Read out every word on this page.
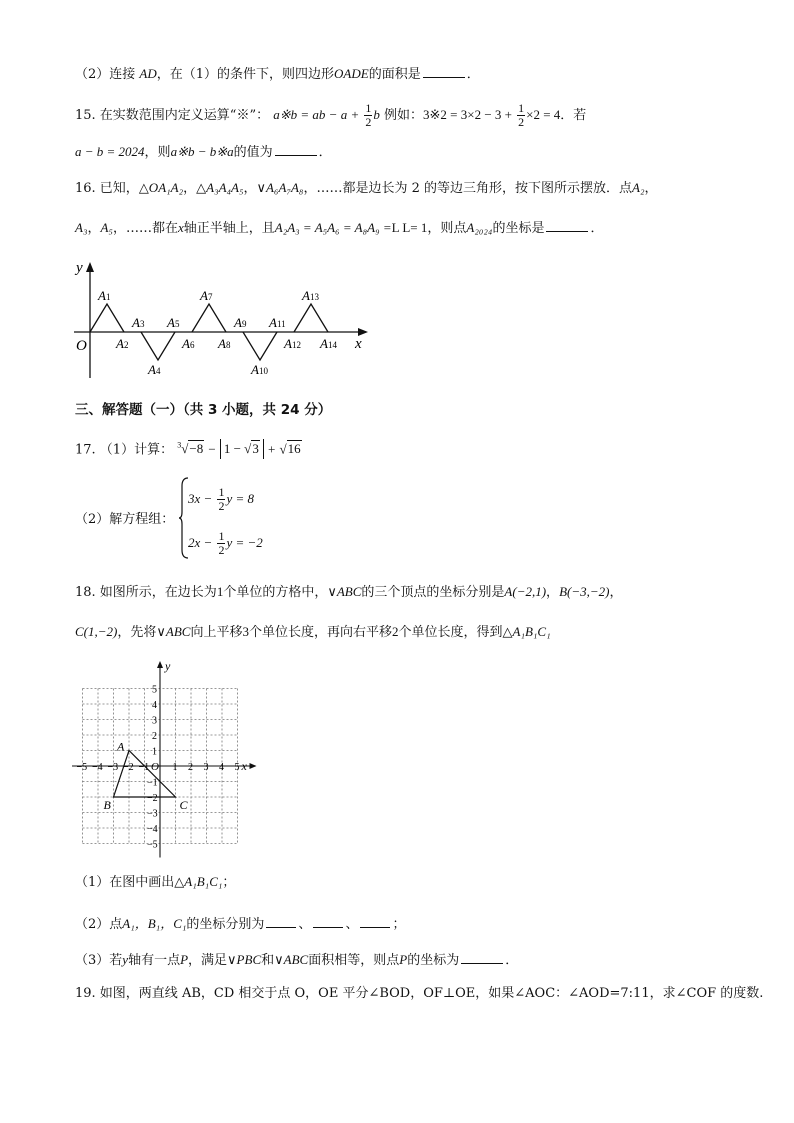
（2）连接 AD，在（1）的条件下，则四边形OADE的面积是	．
15. 在实数范围内定义运算“※”： a※b = ab − $a + \frac{1}{2}$ b 例如：3※2 = $3\times 2 - 3 + \frac{1}{2} \times 2 = 4$．若
a − b = 2024，则a※b − b※a的值为	．
16. 已知，△OA₁A₂，△A₃A₄A₅，∨A₆A₇A₈，……都是边长为 2 的等边三角形，按下图所示摆放．点A₂，
A₃，A₅，……都在x轴正半轴上，且A₂A₃ = A₅A₆ = A₈A₉ =L L= 1，则点A₂₀₂₄的坐标是	．
y
x
O
A1
A2
A3
A4
A5
A6
A7
A8
A9
A10
A11
A12
A13
A14
三、解答题（一）（共 3 小题，共 24 分）
17. （1）计算： $^3$√−8 − 1 − √3 + √16
（2）解方程组：
$3x - \frac{1}{2}$ y = 8
$2x - \frac{1}{2}$ y = −2
18. 如图所示，在边长为1个单位的方格中，∨ABC的三个顶点的坐标分别是A(−2,1)，B(−3,−2)，
C(1,−2)，先将∨ABC向上平移3个单位长度，再向右平移2个单位长度，得到△A₁B₁C₁
y
x
O
−5 −4 −3 −2 −1 1 2 3 4 5
5
4
3
2
1
−1
−2
−3
−4
−5
A
B	C
（1）在图中画出△A₁B₁C₁；
（2）点A₁，B₁，C₁的坐标分别为	、	、	；
（3）若y轴有一点P，满足∨PBC和∨ABC面积相等，则点P的坐标为	．
19. 如图，两直线 AB，CD 相交于点 O，OE 平分∠BOD，OF⊥OE，如果∠AOC：∠AOD=7:11，求∠COF 的度数.
